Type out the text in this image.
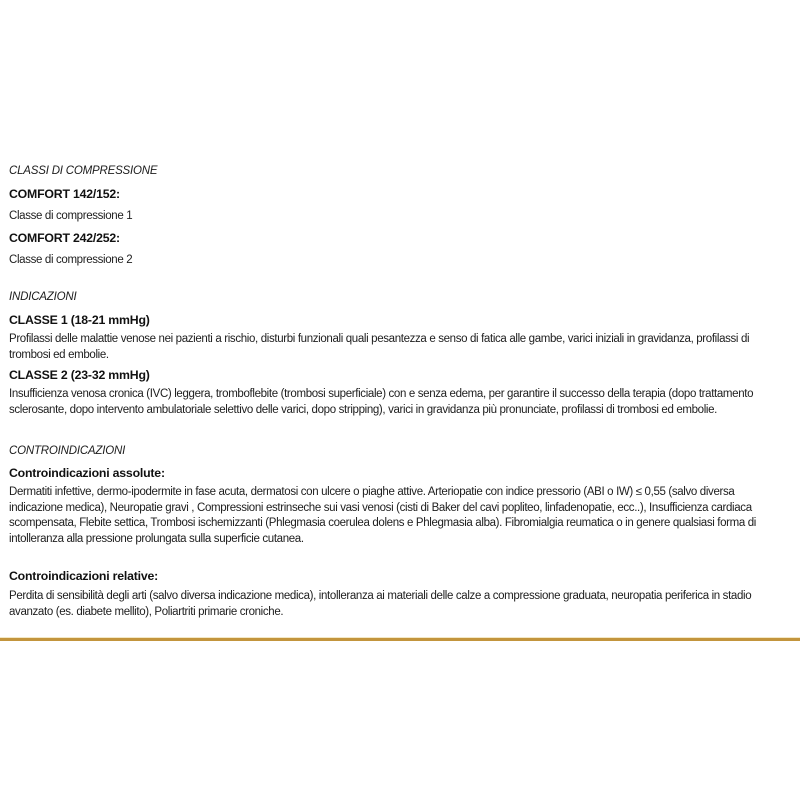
CLASSI DI COMPRESSIONE
COMFORT 142/152:
Classe di compressione 1
COMFORT 242/252:
Classe di compressione 2
INDICAZIONI
CLASSE 1 (18-21 mmHg)
Profilassi delle malattie venose nei pazienti a rischio, disturbi funzionali quali pesantezza e senso di fatica alle gambe, varici iniziali in gravidanza, profilassi di trombosi ed embolie.
CLASSE 2 (23-32 mmHg)
Insufficienza venosa cronica (IVC) leggera, tromboflebite (trombosi superficiale) con e senza edema, per garantire il successo della terapia (dopo trattamento sclerosante, dopo intervento ambulatoriale selettivo delle varici, dopo stripping), varici in gravidanza più pronunciate, profilassi di trombosi ed embolie.
CONTROINDICAZIONI
Controindicazioni assolute:
Dermatiti infettive, dermo-ipodermite in fase acuta, dermatosi con ulcere o piaghe attive. Arteriopatie con indice pressorio (ABI o IW) ≤ 0,55 (salvo diversa indicazione medica), Neuropatie gravi , Compressioni estrinseche sui vasi venosi (cisti di Baker del cavi popliteo, linfadenopatie, ecc..), Insufficienza cardiaca scompensata, Flebite settica, Trombosi ischemizzanti (Phlegmasia coerulea dolens e Phlegmasia alba). Fibromialgia reumatica o in genere qualsiasi forma di intolleranza alla pressione prolungata sulla superficie cutanea.
Controindicazioni relative:
Perdita di sensibilità degli arti (salvo diversa indicazione medica), intolleranza ai materiali delle calze a compressione graduata, neuropatia periferica in stadio avanzato (es. diabete mellito), Poliartriti primarie croniche.
